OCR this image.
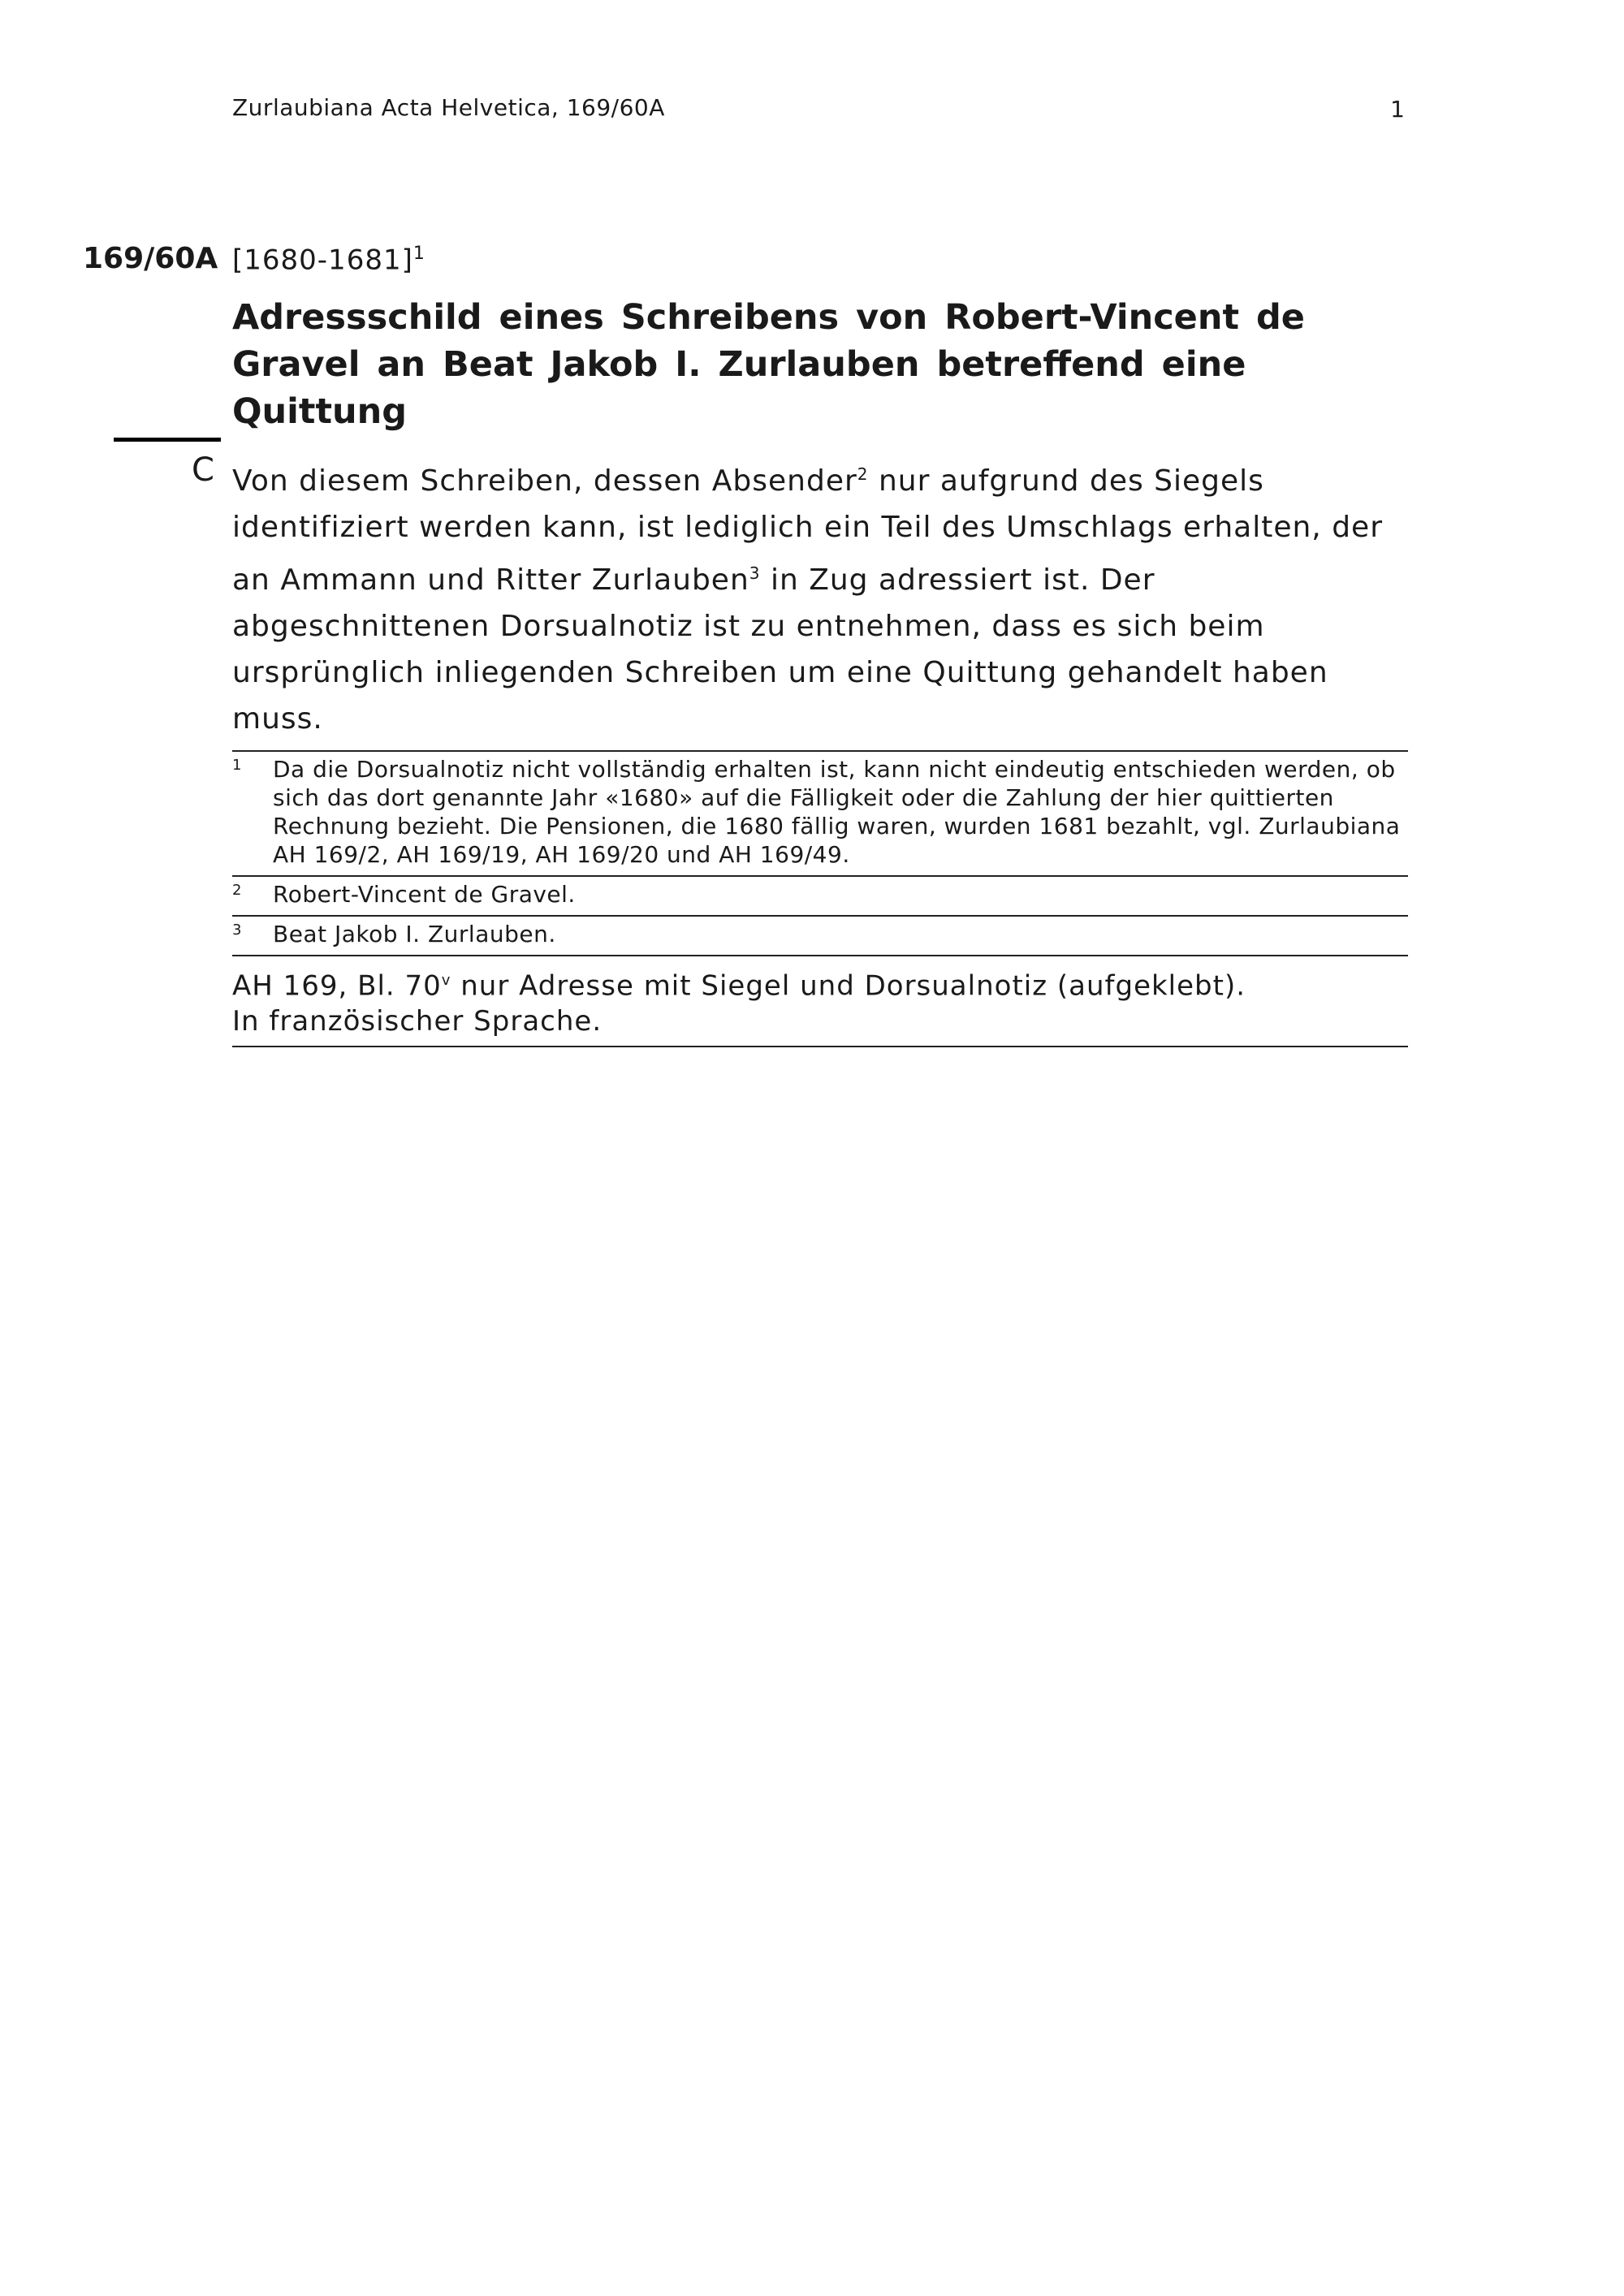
Zurlaubiana Acta Helvetica, 169/60A	1
169/60A [1680-1681]$^1$
Adressschild eines Schreibens von Robert-Vincent de Gravel an Beat Jakob I. Zurlauben betreffend eine Quittung
C Von diesem Schreiben, dessen Absender$^2$ nur aufgrund des Siegels identifiziert werden kann, ist lediglich ein Teil des Umschlags erhalten, der an Ammann und Ritter Zurlauben$^3$ in Zug adressiert ist. Der abgeschnittenen Dorsualnotiz ist zu entnehmen, dass es sich beim ursprünglich inliegenden Schreiben um eine Quittung gehandelt haben muss.
1	Da die Dorsualnotiz nicht vollständig erhalten ist, kann nicht eindeutig entschieden werden, ob sich das dort genannte Jahr «1680» auf die Fälligkeit oder die Zahlung der hier quittierten Rechnung bezieht. Die Pensionen, die 1680 fällig waren, wurden 1681 bezahlt, vgl. Zurlaubiana AH 169/2, AH 169/19, AH 169/20 und AH 169/49.
2	Robert-Vincent de Gravel.
3	Beat Jakob I. Zurlauben.
AH 169, Bl. 70$^v$ nur Adresse mit Siegel und Dorsualnotiz (aufgeklebt).
In französischer Sprache.
